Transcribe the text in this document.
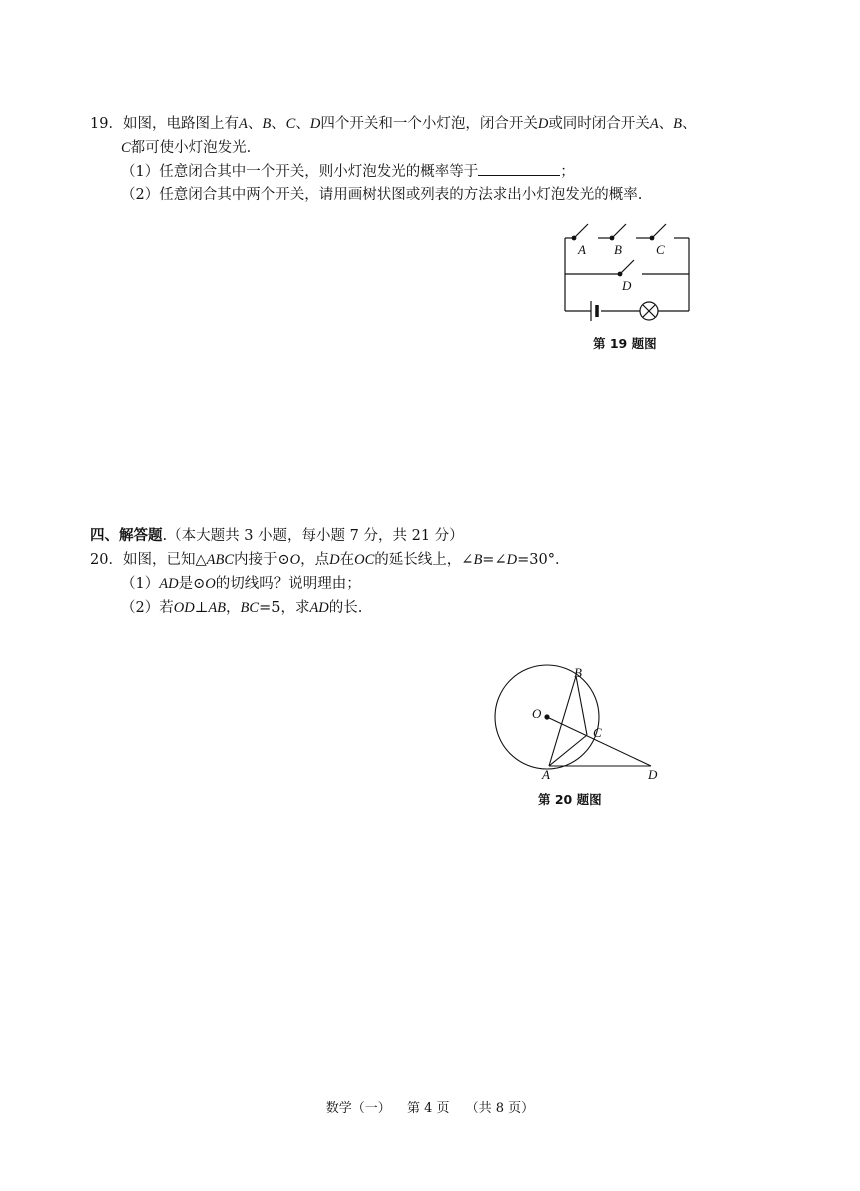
19．如图，电路图上有A、B、C、D四个开关和一个小灯泡，闭合开关D或同时闭合开关A、B、
C都可使小灯泡发光．
（1）任意闭合其中一个开关，则小灯泡发光的概率等于	；
（2）任意闭合其中两个开关，请用画树状图或列表的方法求出小灯泡发光的概率.
A B	C
D
第 19 题图
四、解答题.（本大题共 3 小题，每小题 7 分，共 21 分）
20．如图，已知△ABC内接于⊙O，点D在OC的延长线上，∠B=∠D=30°．
（1）AD是⊙O的切线吗？说明理由；
（2）若OD⊥AB，BC=5，求AD的长.
B
O
C
A	D
第 20 题图
数学（一） 第 4 页 （共 8 页）
